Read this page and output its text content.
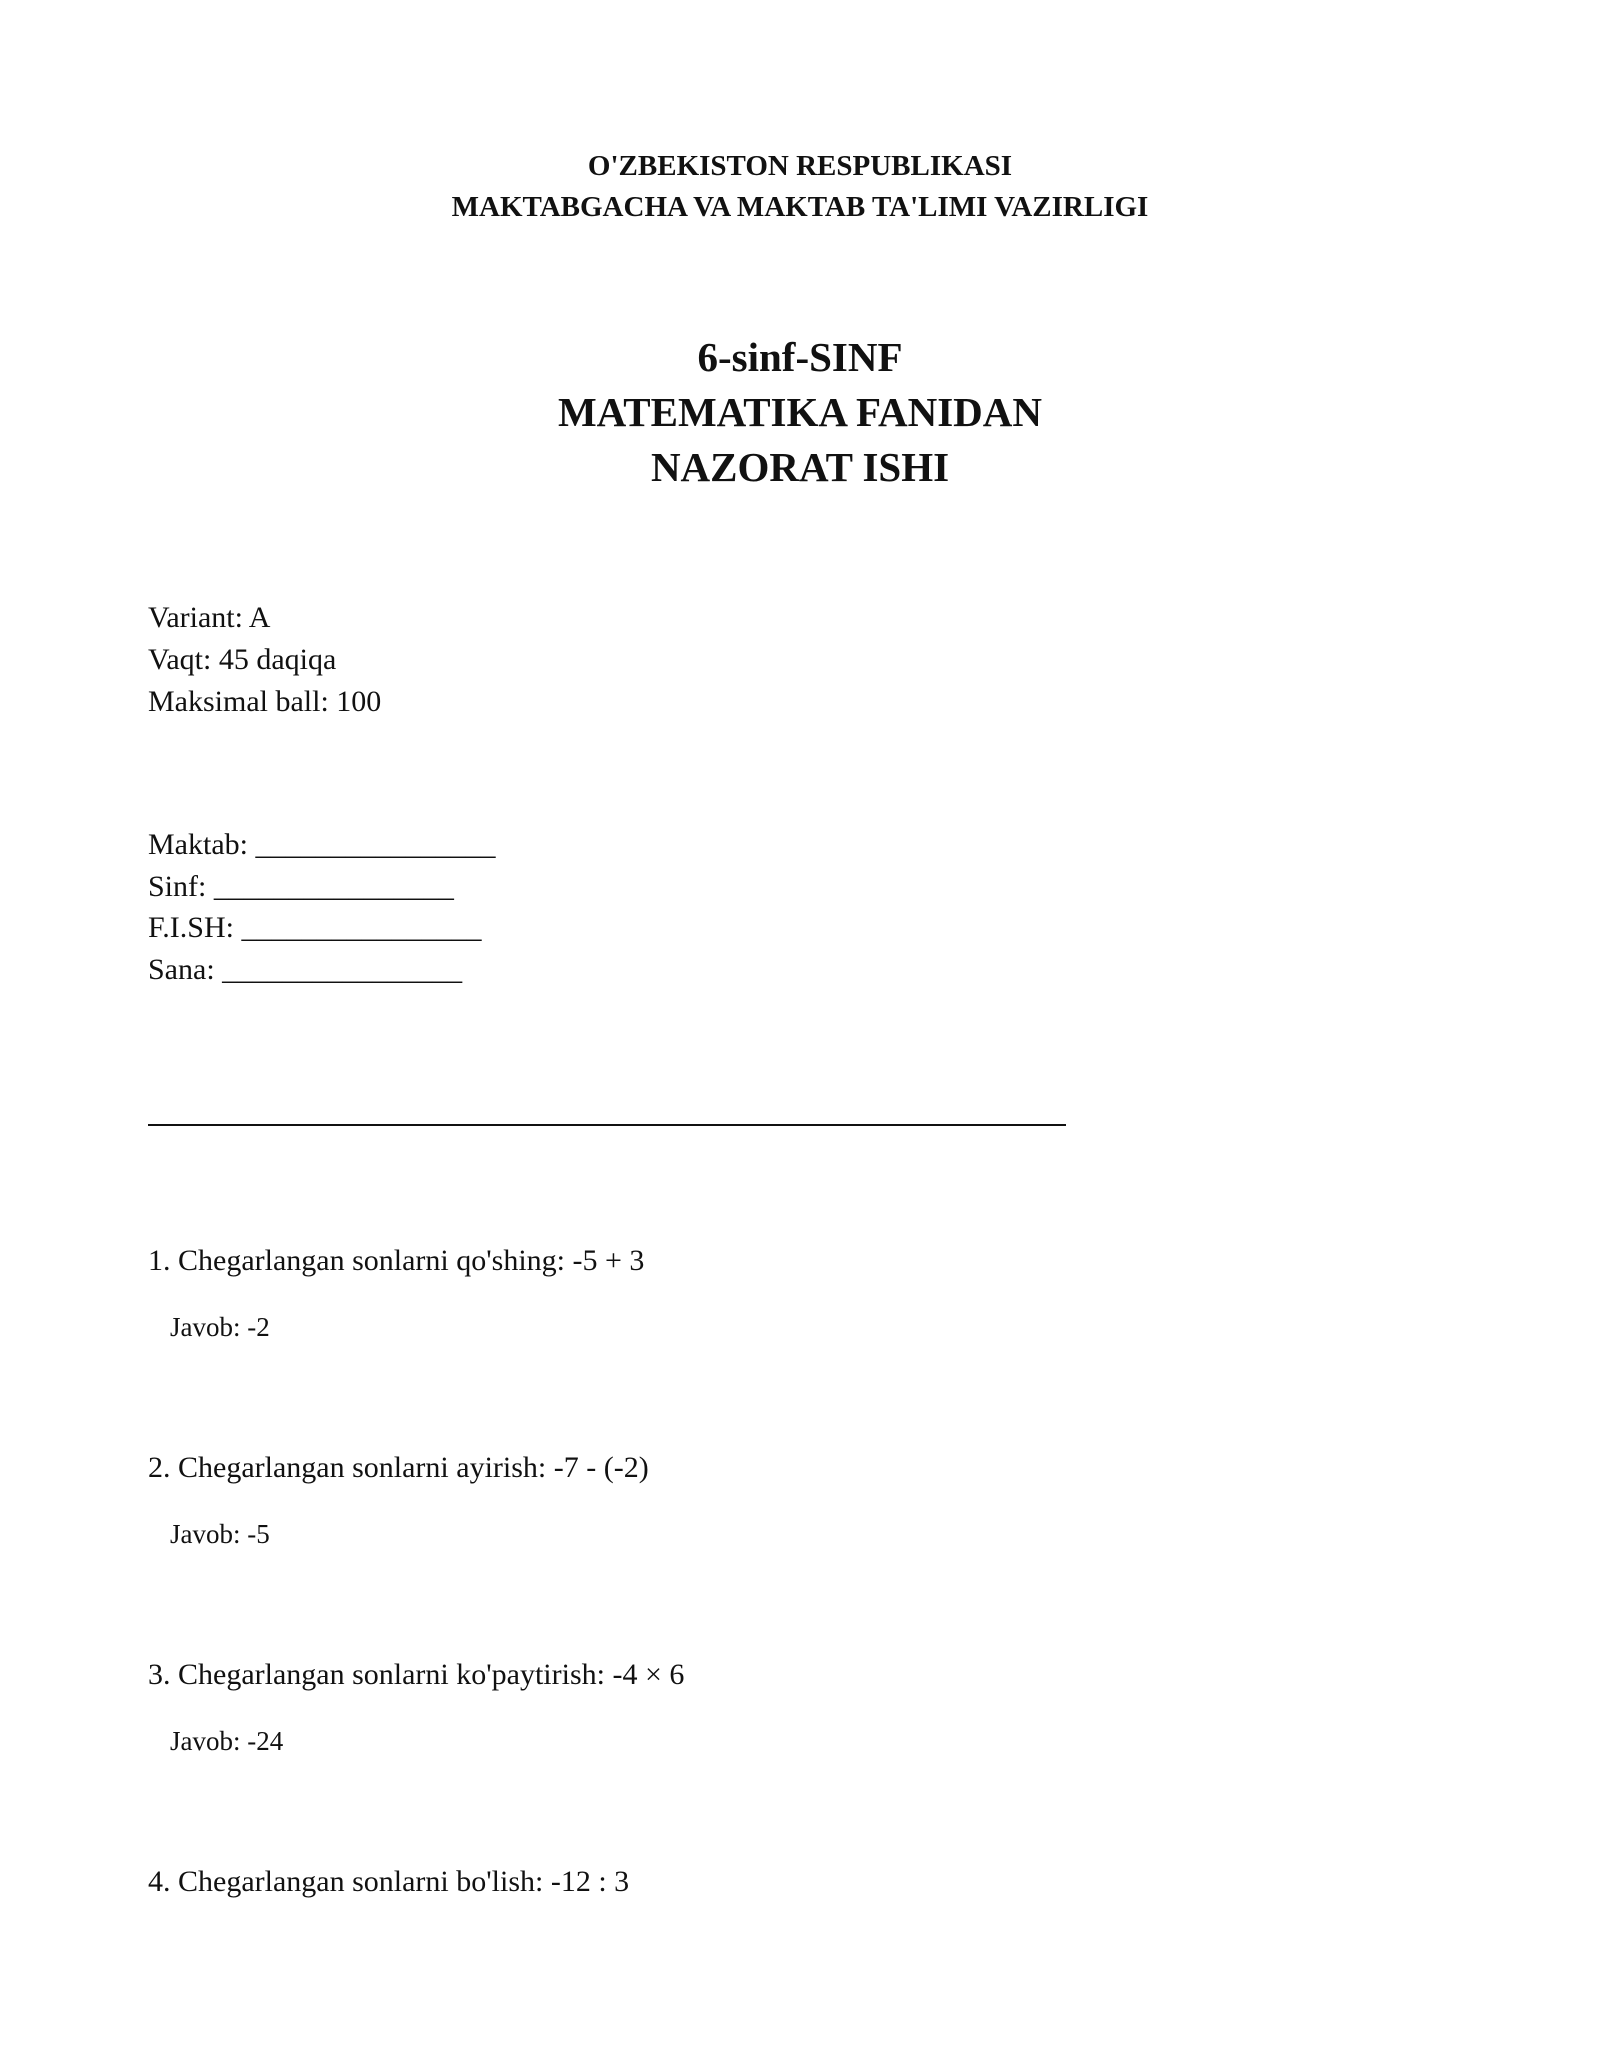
O'ZBEKISTON RESPUBLIKASI
MAKTABGACHA VA MAKTAB TA'LIMI VAZIRLIGI
6-sinf-SINF
MATEMATIKA FANIDAN
NAZORAT ISHI
Variant: A
Vaqt: 45 daqiqa
Maksimal ball: 100
Maktab: ________________
Sinf: ________________
F.I.SH: ________________
Sana: ________________
1. Chegarlangan sonlarni qo'shing: -5 + 3
Javob: -2
2. Chegarlangan sonlarni ayirish: -7 - (-2)
Javob: -5
3. Chegarlangan sonlarni ko'paytirish: -4 × 6
Javob: -24
4. Chegarlangan sonlarni bo'lish: -12 : 3
